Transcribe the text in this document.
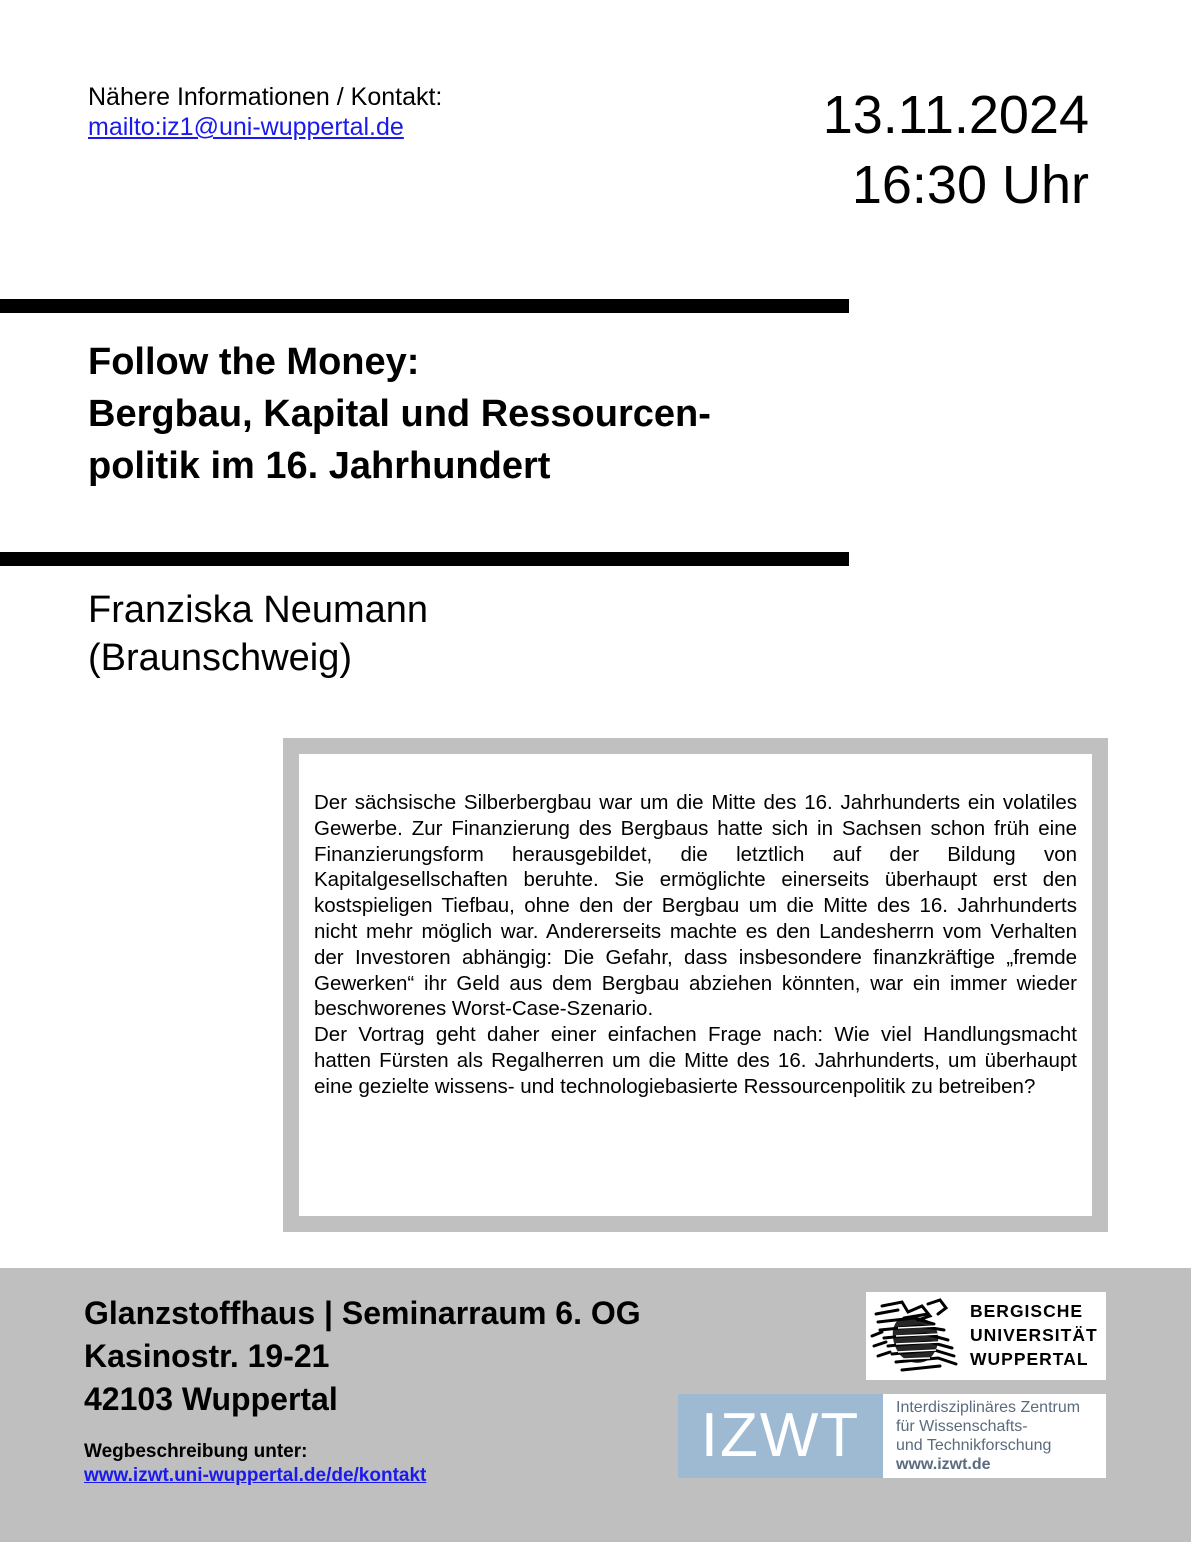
Nähere Informationen / Kontakt:
mailto:iz1@uni-wuppertal.de	13.11.2024
16:30 Uhr
Follow the Money:
Bergbau, Kapital und Ressourcen-
politik im 16. Jahrhundert
Franziska Neumann
(Braunschweig)

Der sächsische Silberbergbau war um die Mitte des 16. Jahrhunderts ein volatiles Gewerbe. Zur Finanzierung des Bergbaus hatte sich in Sachsen schon früh eine Finanzierungsform herausgebildet, die letztlich auf der Bildung von Kapitalgesellschaften beruhte. Sie ermöglichte einerseits überhaupt erst den kostspieligen Tiefbau, ohne den der Bergbau um die Mitte des 16. Jahrhunderts nicht mehr möglich war. Andererseits machte es den Landesherrn vom Verhalten der Investoren abhängig: Die Gefahr, dass insbesondere finanzkräftige „fremde Gewerken“ ihr Geld aus dem Bergbau abziehen könnten, war ein immer wieder beschworenes Worst-Case-Szenario.

Der Vortrag geht daher einer einfachen Frage nach: Wie viel Handlungsmacht hatten Fürsten als Regalherren um die Mitte des 16. Jahrhunderts, um überhaupt eine gezielte wissens- und technologiebasierte Ressourcenpolitik zu betreiben?

Glanzstoffhaus | Seminarraum 6. OG
Kasinostr. 19-21
42103 Wuppertal
Wegbeschreibung unter:
www.izwt.uni-wuppertal.de/de/kontakt
BERGISCHE
UNIVERSITÄT
WUPPERTAL
IZWT	Interdisziplinäres Zentrum
für Wissenschafts-
und Technikforschung
www.izwt.de
